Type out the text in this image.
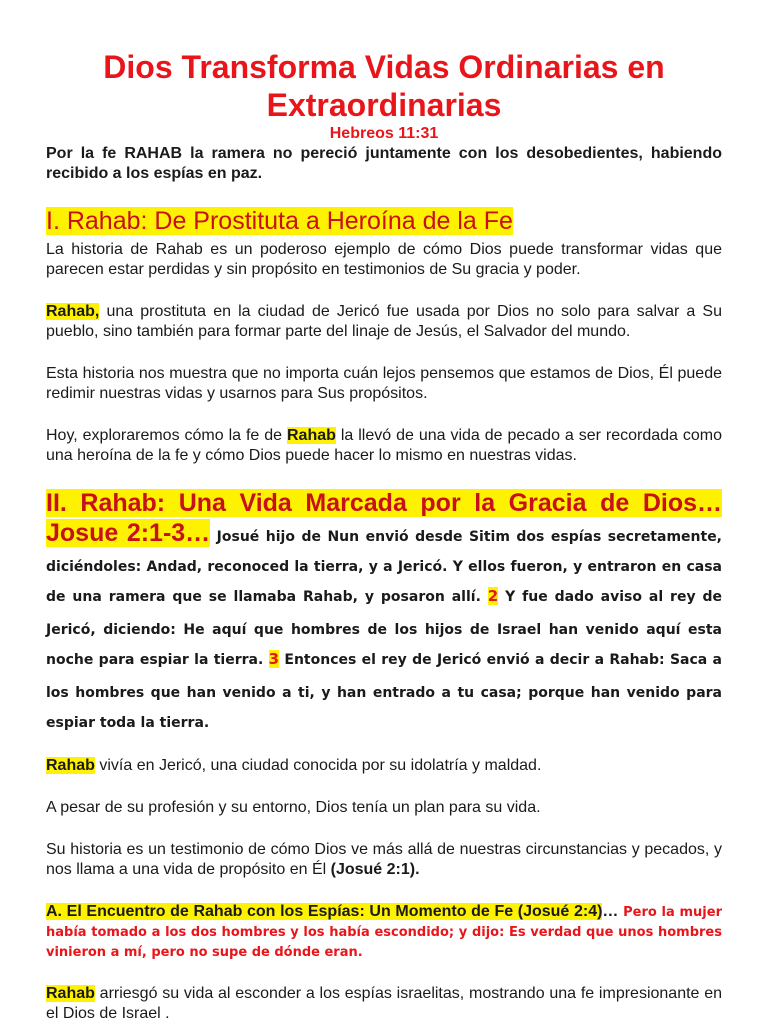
Dios Transforma Vidas Ordinarias en Extraordinarias

Hebreos 11:31

Por la fe RAHAB la ramera no pereció juntamente con los desobedientes, habiendo recibido a los espías en paz.

I. Rahab: De Prostituta a Heroína de la Fe

La historia de Rahab es un poderoso ejemplo de cómo Dios puede transformar vidas que parecen estar perdidas y sin propósito en testimonios de Su gracia y poder.

Rahab, una prostituta en la ciudad de Jericó fue usada por Dios no solo para salvar a Su pueblo, sino también para formar parte del linaje de Jesús, el Salvador del mundo.

Esta historia nos muestra que no importa cuán lejos pensemos que estamos de Dios, Él puede redimir nuestras vidas y usarnos para Sus propósitos.

Hoy, exploraremos cómo la fe de Rahab la llevó de una vida de pecado a ser recordada como una heroína de la fe y cómo Dios puede hacer lo mismo en nuestras vidas.

II. Rahab: Una Vida Marcada por la Gracia de Dios… Josue 2:1-3… Josué hijo de Nun envió desde Sitim dos espías secretamente, diciéndoles: Andad, reconoced la tierra, y a Jericó. Y ellos fueron, y entraron en casa de una ramera que se llamaba Rahab, y posaron allí. 2 Y fue dado aviso al rey de Jericó, diciendo: He aquí que hombres de los hijos de Israel han venido aquí esta noche para espiar la tierra. 3 Entonces el rey de Jericó envió a decir a Rahab: Saca a los hombres que han venido a ti, y han entrado a tu casa; porque han venido para espiar toda la tierra.

Rahab vivía en Jericó, una ciudad conocida por su idolatría y maldad.

A pesar de su profesión y su entorno, Dios tenía un plan para su vida.

Su historia es un testimonio de cómo Dios ve más allá de nuestras circunstancias y pecados, y nos llama a una vida de propósito en Él (Josué 2:1).

A. El Encuentro de Rahab con los Espías: Un Momento de Fe (Josué 2:4)… Pero la mujer había tomado a los dos hombres y los había escondido; y dijo: Es verdad que unos hombres vinieron a mí, pero no supe de dónde eran.

Rahab arriesgó su vida al esconder a los espías israelitas, mostrando una fe impresionante en el Dios de Israel .
